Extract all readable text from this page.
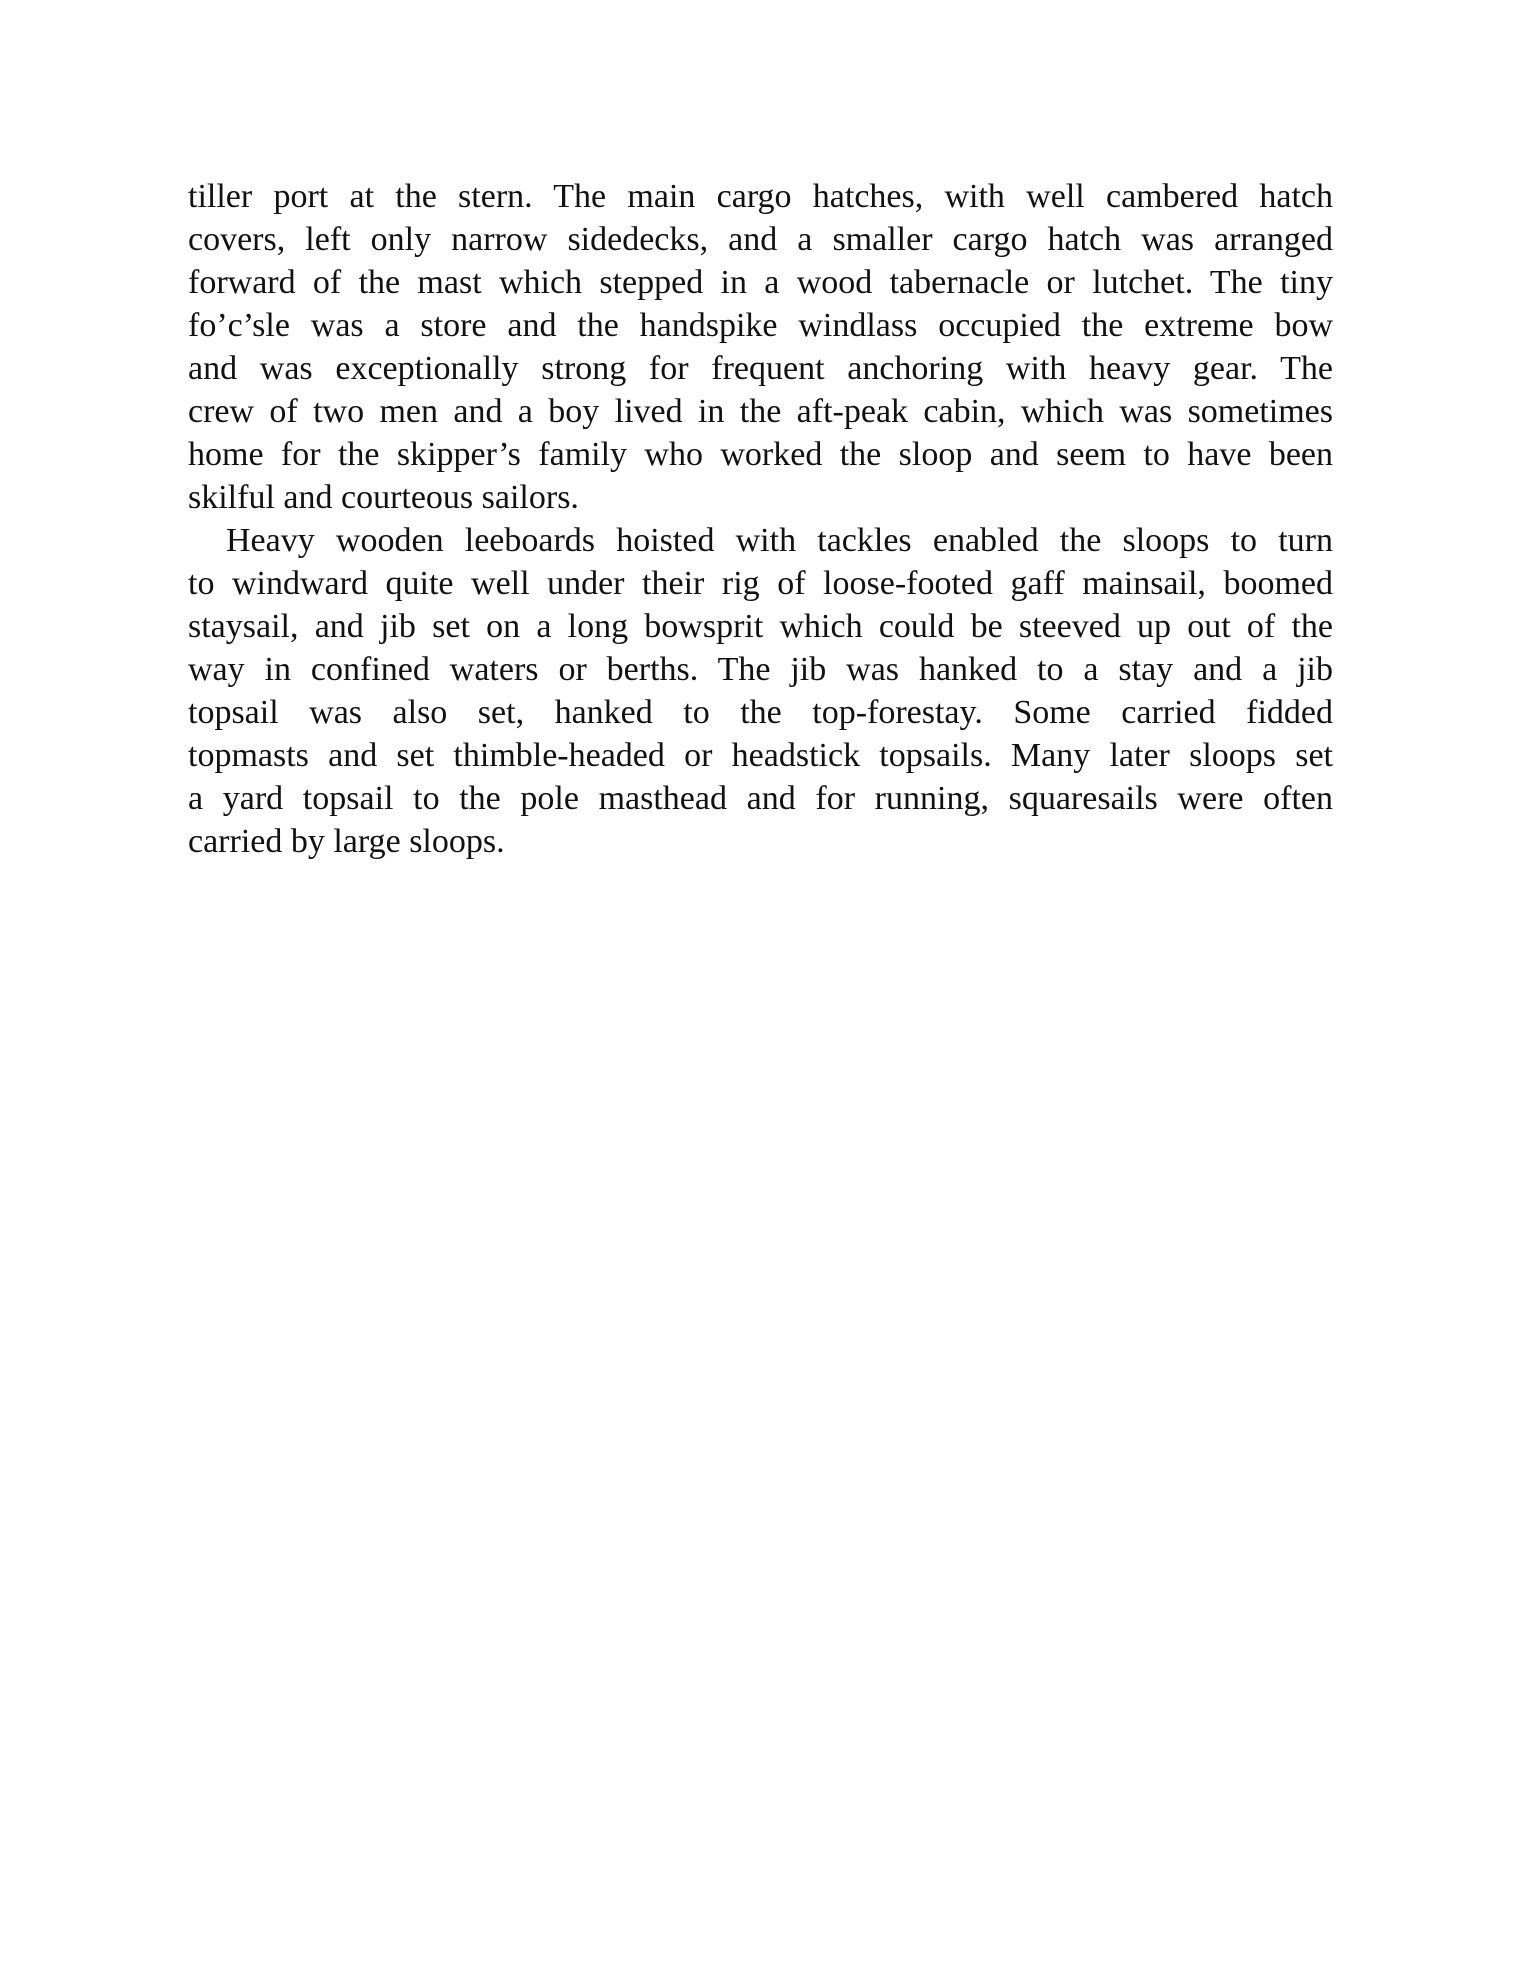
tiller port at the stern. The main cargo hatches, with well cambered hatch
covers, left only narrow sidedecks, and a smaller cargo hatch was arranged
forward of the mast which stepped in a wood tabernacle or lutchet. The tiny
fo’c’sle was a store and the handspike windlass occupied the extreme bow
and was exceptionally strong for frequent anchoring with heavy gear. The
crew of two men and a boy lived in the aft-peak cabin, which was sometimes
home for the skipper’s family who worked the sloop and seem to have been
skilful and courteous sailors.
Heavy wooden leeboards hoisted with tackles enabled the sloops to turn
to windward quite well under their rig of loose-footed gaff mainsail, boomed
staysail, and jib set on a long bowsprit which could be steeved up out of the
way in confined waters or berths. The jib was hanked to a stay and a jib
topsail was also set, hanked to the top-forestay. Some carried fidded
topmasts and set thimble-headed or headstick topsails. Many later sloops set
a yard topsail to the pole masthead and for running, squaresails were often
carried by large sloops.
